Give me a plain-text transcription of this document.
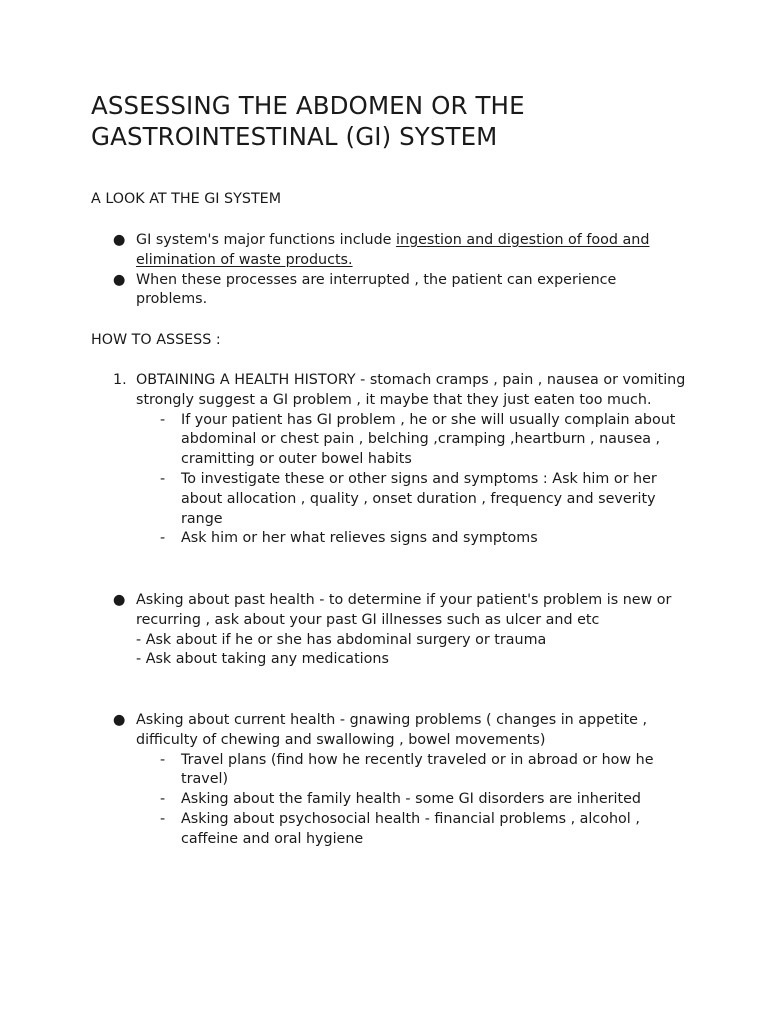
ASSESSING THE ABDOMEN OR THE GASTROINTESTINAL (GI) SYSTEM

A LOOK AT THE GI SYSTEM

● GI system's major functions include ingestion and digestion of food and elimination of waste products.
● When these processes are interrupted , the patient can experience problems.

HOW TO ASSESS :

1. OBTAINING A HEALTH HISTORY - stomach cramps , pain , nausea or vomiting strongly suggest a GI problem , it maybe that they just eaten too much.
- If your patient has GI problem , he or she will usually complain about abdominal or chest pain , belching ,cramping ,heartburn , nausea , cramitting or outer bowel habits
- To investigate these or other signs and symptoms : Ask him or her about allocation , quality , onset duration , frequency and severity range
- Ask him or her what relieves signs and symptoms
● Asking about past health - to determine if your patient's problem is new or recurring , ask about your past GI illnesses such as ulcer and etc
- Ask about if he or she has abdominal surgery or trauma
- Ask about taking any medications
● Asking about current health - gnawing problems ( changes in appetite , difficulty of chewing and swallowing , bowel movements)
- Travel plans (find how he recently traveled or in abroad or how he travel)
- Asking about the family health - some GI disorders are inherited
- Asking about psychosocial health - financial problems , alcohol , caffeine and oral hygiene
